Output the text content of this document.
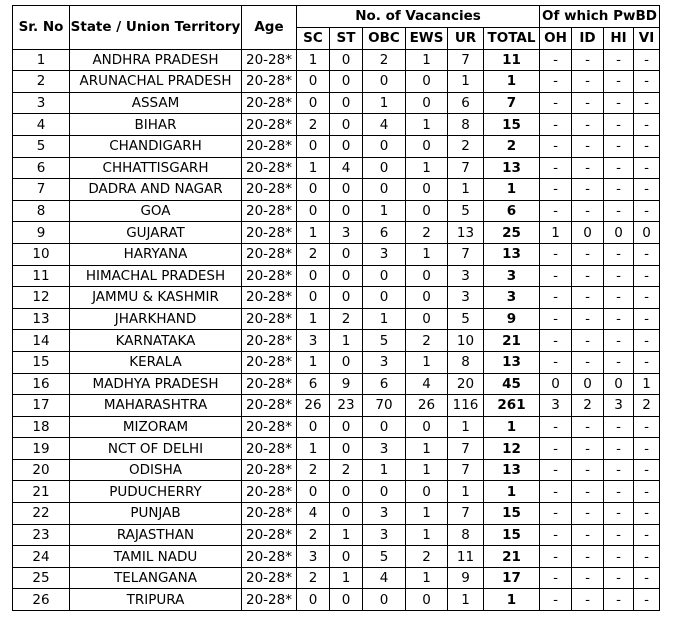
Sr. No	State / Union Territory	Age	No. of Vacancies						Of which PwBD			
			SC	ST	OBC	EWS	UR	TOTAL	OH	ID	HI	VI
1	ANDHRA PRADESH	20-28*	1	0	2	1	7	11	-	-	-	-
2	ARUNACHAL PRADESH	20-28*	0	0	0	0	1	1	-	-	-	-
3	ASSAM	20-28*	0	0	1	0	6	7	-	-	-	-
4	BIHAR	20-28*	2	0	4	1	8	15	-	-	-	-
5	CHANDIGARH	20-28*	0	0	0	0	2	2	-	-	-	-
6	CHHATTISGARH	20-28*	1	4	0	1	7	13	-	-	-	-
7	DADRA AND NAGAR	20-28*	0	0	0	0	1	1	-	-	-	-
8	GOA	20-28*	0	0	1	0	5	6	-	-	-	-
9	GUJARAT	20-28*	1	3	6	2	13	25	1	0	0	0
10	HARYANA	20-28*	2	0	3	1	7	13	-	-	-	-
11	HIMACHAL PRADESH	20-28*	0	0	0	0	3	3	-	-	-	-
12	JAMMU & KASHMIR	20-28*	0	0	0	0	3	3	-	-	-	-
13	JHARKHAND	20-28*	1	2	1	0	5	9	-	-	-	-
14	KARNATAKA	20-28*	3	1	5	2	10	21	-	-	-	-
15	KERALA	20-28*	1	0	3	1	8	13	-	-	-	-
16	MADHYA PRADESH	20-28*	6	9	6	4	20	45	0	0	0	1
17	MAHARASHTRA	20-28*	26	23	70	26	116	261	3	2	3	2
18	MIZORAM	20-28*	0	0	0	0	1	1	-	-	-	-
19	NCT OF DELHI	20-28*	1	0	3	1	7	12	-	-	-	-
20	ODISHA	20-28*	2	2	1	1	7	13	-	-	-	-
21	PUDUCHERRY	20-28*	0	0	0	0	1	1	-	-	-	-
22	PUNJAB	20-28*	4	0	3	1	7	15	-	-	-	-
23	RAJASTHAN	20-28*	2	1	3	1	8	15	-	-	-	-
24	TAMIL NADU	20-28*	3	0	5	2	11	21	-	-	-	-
25	TELANGANA	20-28*	2	1	4	1	9	17	-	-	-	-
26	TRIPURA	20-28*	0	0	0	0	1	1	-	-	-	-
